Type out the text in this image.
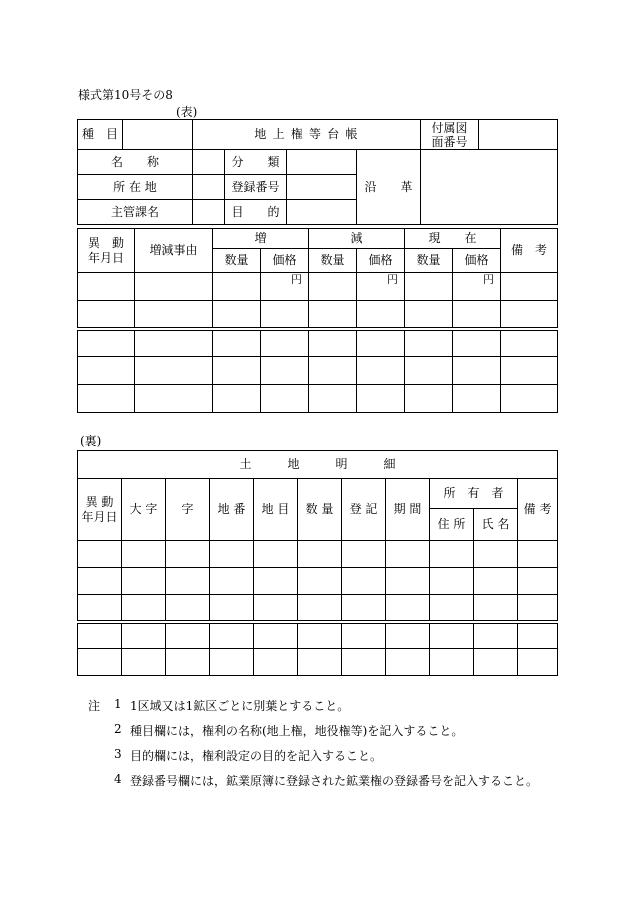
様式第10号その8
(表)
種　目		地 上 権 等 台 帳				付属図
面番号	

名　　称			分　　類		沿　　革		
所 在 地			登録番号				
主管課名			目　　的				
異　動
年月日	増減事由	増		減		現　　在		備　考
		数量	価格	数量	価格	数量	価格	
			円		円		円	

(裏)
土　　　地　　　明　　　細										

異 動
年月日	大 字	字	地 番	地 目	数 量	登 記	期 間	所　有　者		備 考
								住 所	氏 名	

注 1 1区域又は1鉱区ごとに別葉とすること。
2 種目欄には，権利の名称(地上権，地役権等)を記入すること。
3 目的欄には，権利設定の目的を記入すること。
4 登録番号欄には，鉱業原簿に登録された鉱業権の登録番号を記入すること。
